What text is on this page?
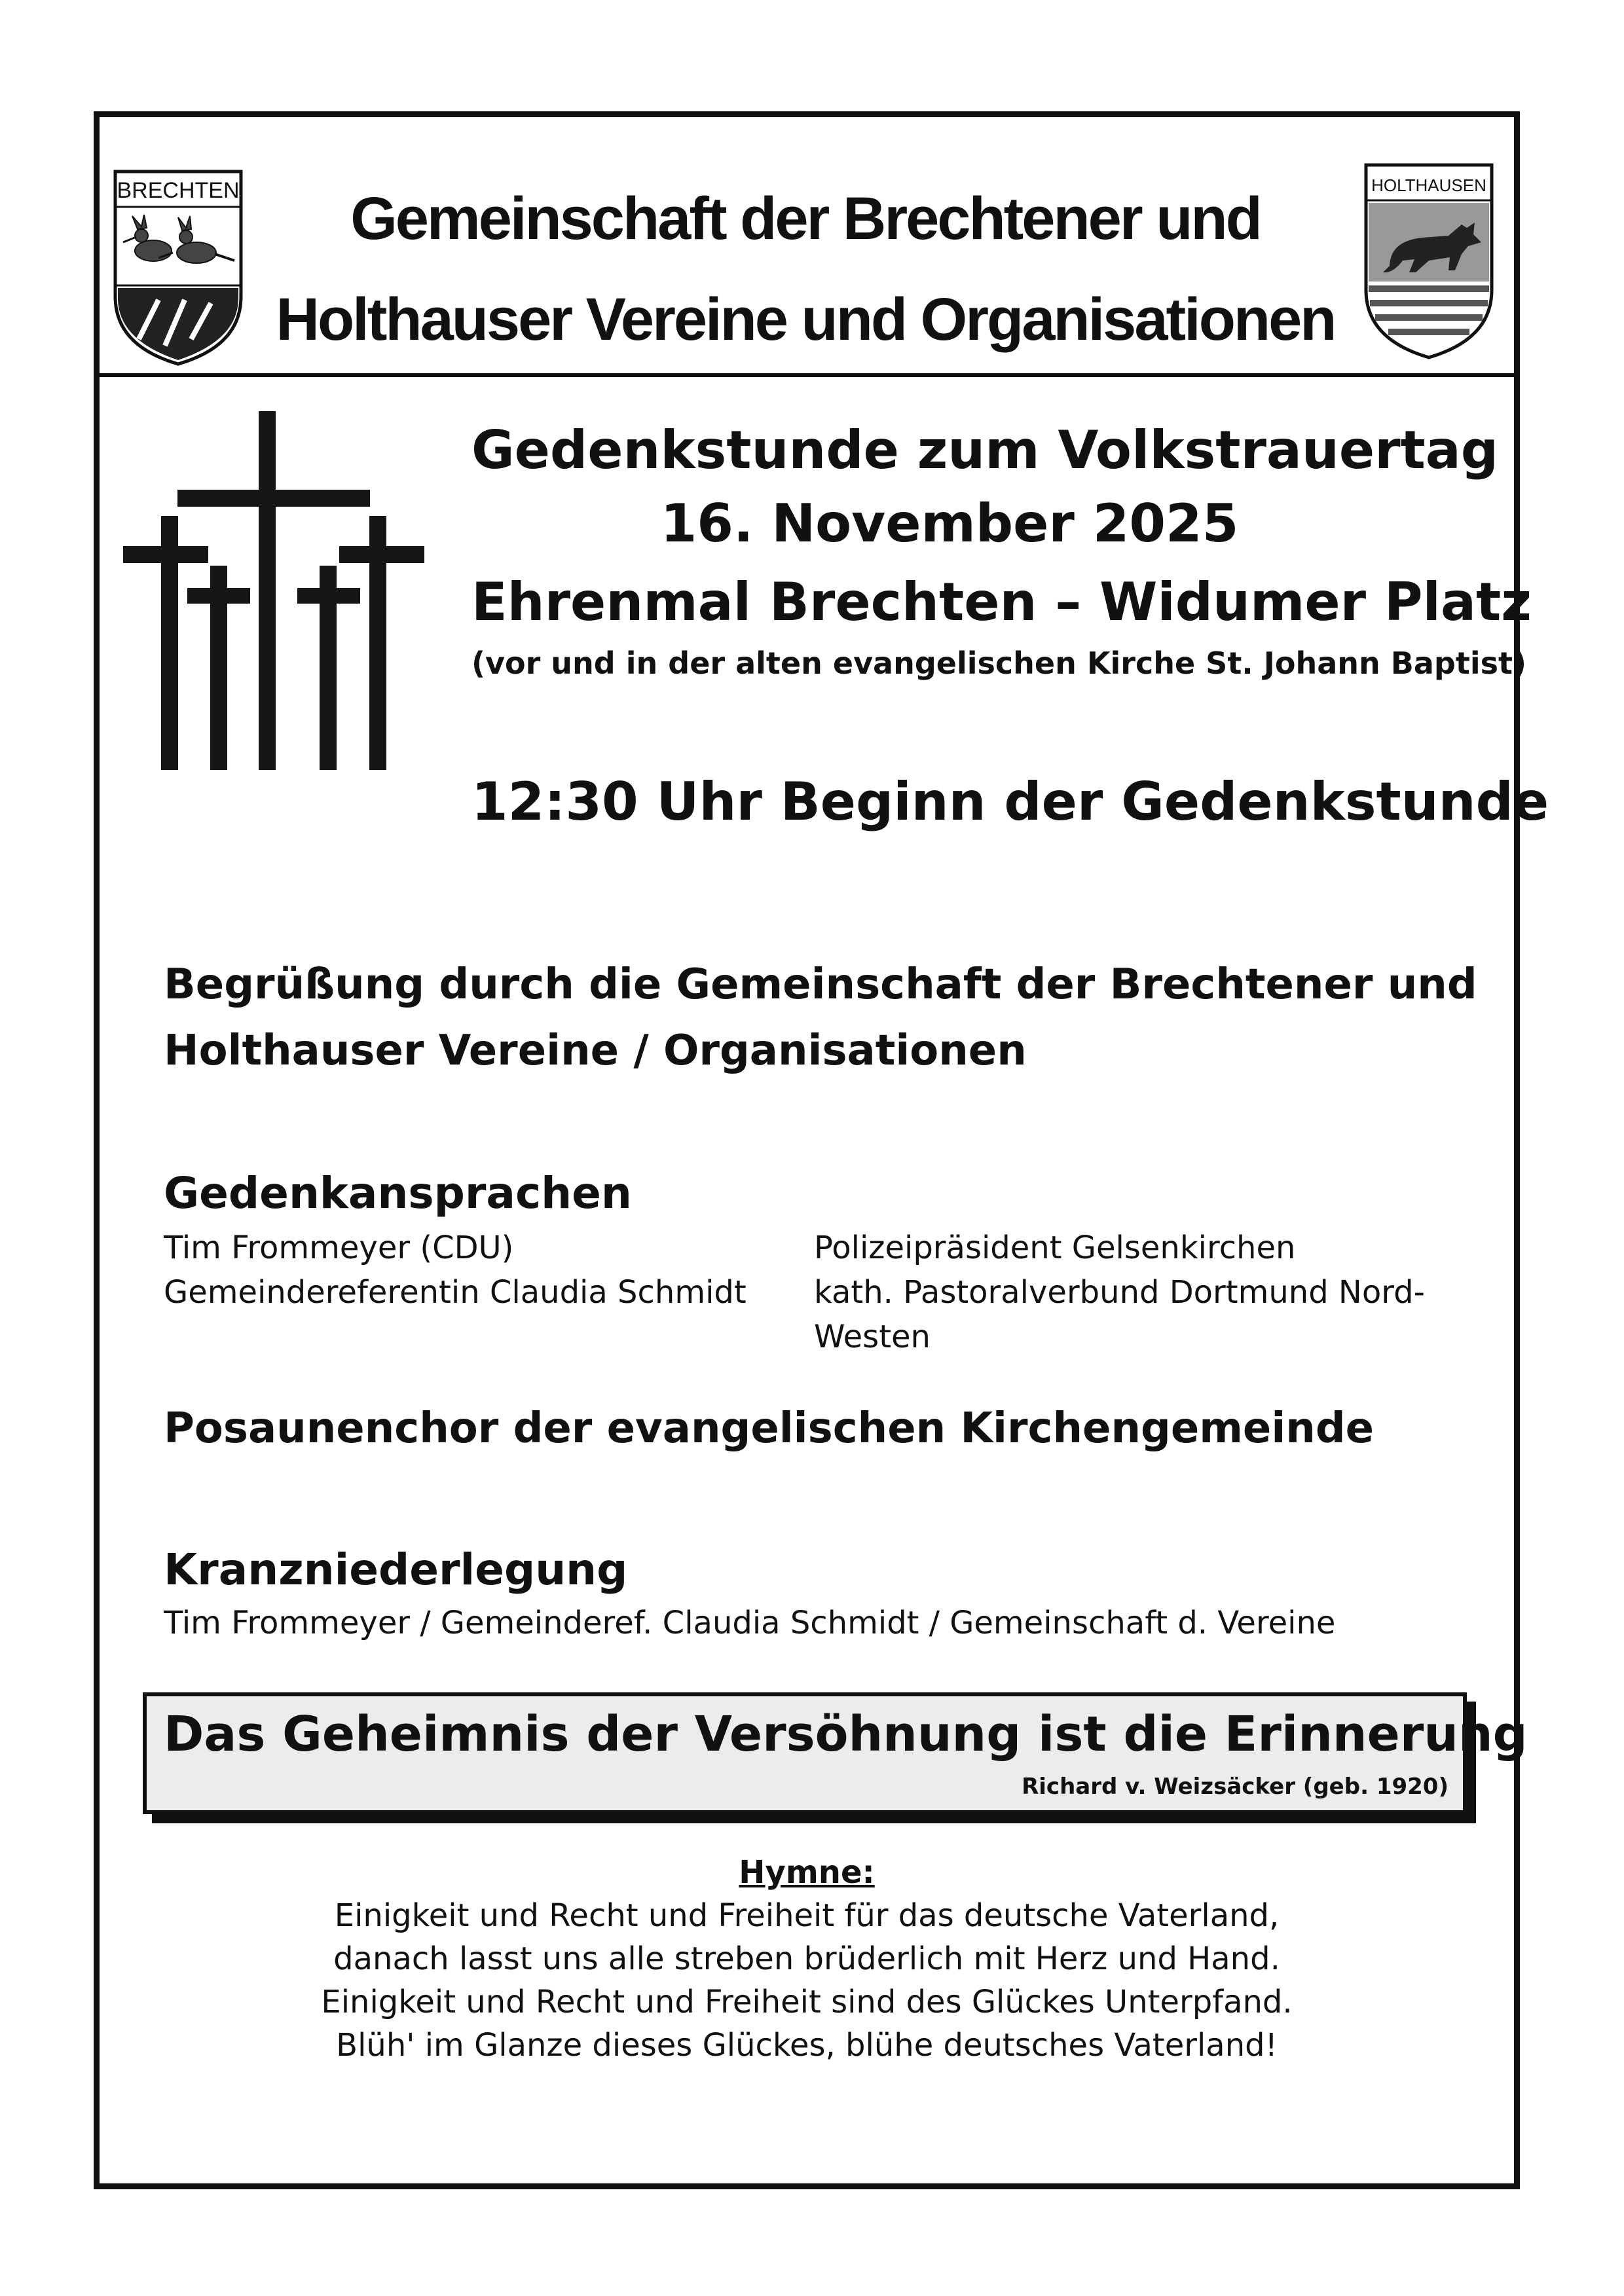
BRECHTEN	HOLTHAUSEN
Gemeinschaft der Brechtener und
Holthauser Vereine und Organisationen
Gedenkstunde zum Volkstrauertag
16. November 2025
Ehrenmal Brechten – Widumer Platz
(vor und in der alten evangelischen Kirche St. Johann Baptist)
12:30 Uhr Beginn der Gedenkstunde
Begrüßung durch die Gemeinschaft der Brechtener und
Holthauser Vereine / Organisationen
Gedenkansprachen
Tim Frommeyer (CDU)
Gemeindereferentin Claudia Schmidt
Polizeipräsident Gelsenkirchen
kath. Pastoralverbund Dortmund Nord-
Westen
Posaunenchor der evangelischen Kirchengemeinde
Kranzniederlegung
Tim Frommeyer / Gemeinderef. Claudia Schmidt / Gemeinschaft d. Vereine
Das Geheimnis der Versöhnung ist die Erinnerung
Richard v. Weizsäcker (geb. 1920)
Hymne:
Einigkeit und Recht und Freiheit für das deutsche Vaterland,
danach lasst uns alle streben brüderlich mit Herz und Hand.
Einigkeit und Recht und Freiheit sind des Glückes Unterpfand.
Blüh' im Glanze dieses Glückes, blühe deutsches Vaterland!
